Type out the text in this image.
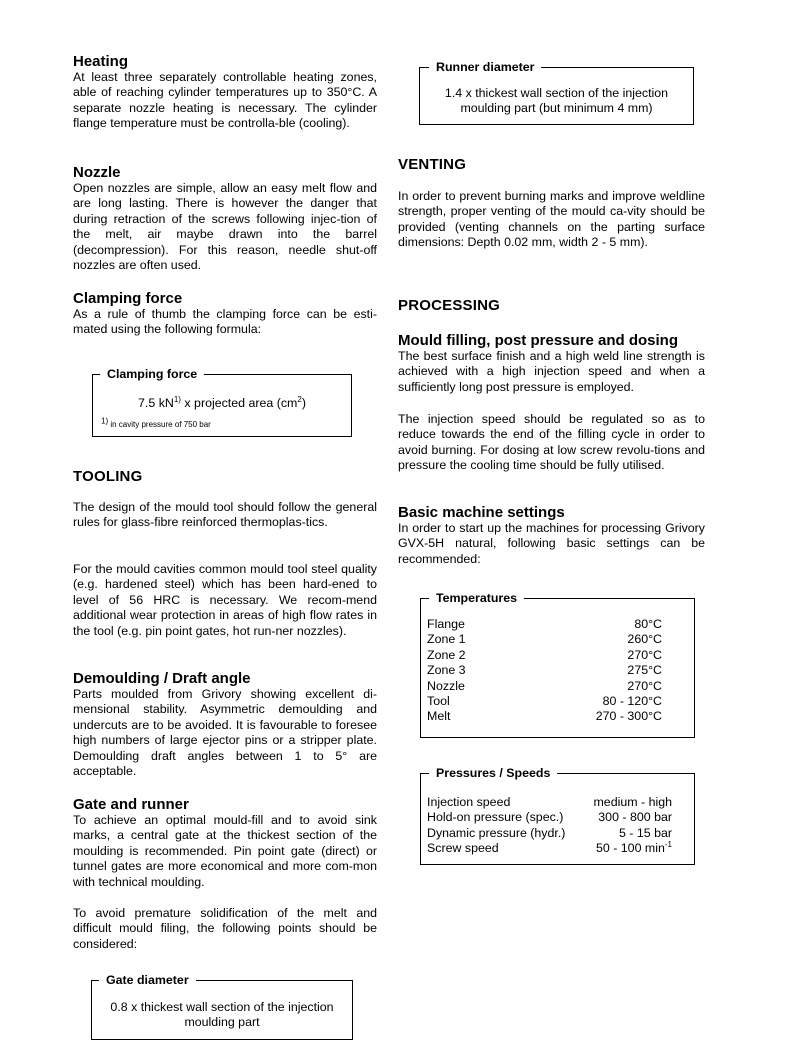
Heating

At least three separately controllable heating zones, able of reaching cylinder temperatures up to 350°C. A separate nozzle heating is necessary. The cylinder flange temperature must be controlla-ble (cooling).

Nozzle

Open nozzles are simple, allow an easy melt flow and are long lasting. There is however the danger that during retraction of the screws following injec-tion of the melt, air maybe drawn into the barrel (decompression). For this reason, needle shut-off nozzles are often used.

Clamping force

As a rule of thumb the clamping force can be esti-mated using the following formula:

Clamping force
7.5 $kN^{1)}$ x projected area $(cm^2)$
$^{1)}$ in cavity pressure of 750 bar
TOOLING

The design of the mould tool should follow the general rules for glass-fibre reinforced thermoplas-tics.

For the mould cavities common mould tool steel quality (e.g. hardened steel) which has been hard-ened to level of 56 HRC is necessary. We recom-mend additional wear protection in areas of high flow rates in the tool (e.g. pin point gates, hot run-ner nozzles).

Demoulding / Draft angle

Parts moulded from Grivory showing excellent di-mensional stability. Asymmetric demoulding and undercuts are to be avoided. It is favourable to foresee high numbers of large ejector pins or a stripper plate. Demoulding draft angles between 1 to 5° are acceptable.

Gate and runner

To achieve an optimal mould-fill and to avoid sink marks, a central gate at the thickest section of the moulding is recommended. Pin point gate (direct) or tunnel gates are more economical and more com-mon with technical moulding.

To avoid premature solidification of the melt and difficult mould filing, the following points should be considered:

Gate diameter
0.8 x thickest wall section of the injection moulding part
Runner diameter
1.4 x thickest wall section of the injection moulding part (but minimum 4 mm)
VENTING

In order to prevent burning marks and improve weldline strength, proper venting of the mould ca-vity should be provided (venting channels on the parting surface dimensions: Depth 0.02 mm, width 2 - 5 mm).

PROCESSING
Mould filling, post pressure and dosing

The best surface finish and a high weld line strength is achieved with a high injection speed and when a sufficiently long post pressure is employed.

The injection speed should be regulated so as to reduce towards the end of the filling cycle in order to avoid burning. For dosing at low screw revolu-tions and pressure the cooling time should be fully utilised.

Basic machine settings

In order to start up the machines for processing Grivory GVX-5H natural, following basic settings can be recommended:

Temperatures
Flange	80°C
Zone 1	260°C
Zone 2	270°C
Zone 3	275°C
Nozzle	270°C
Tool	80 - 120°C
Melt	270 - 300°C
Pressures / Speeds
Injection speed	medium - high
Hold-on pressure (spec.)	300 - 800 bar
Dynamic pressure (hydr.)	5 - 15 bar
Screw speed	50 - 100 $\min^{-1}$
